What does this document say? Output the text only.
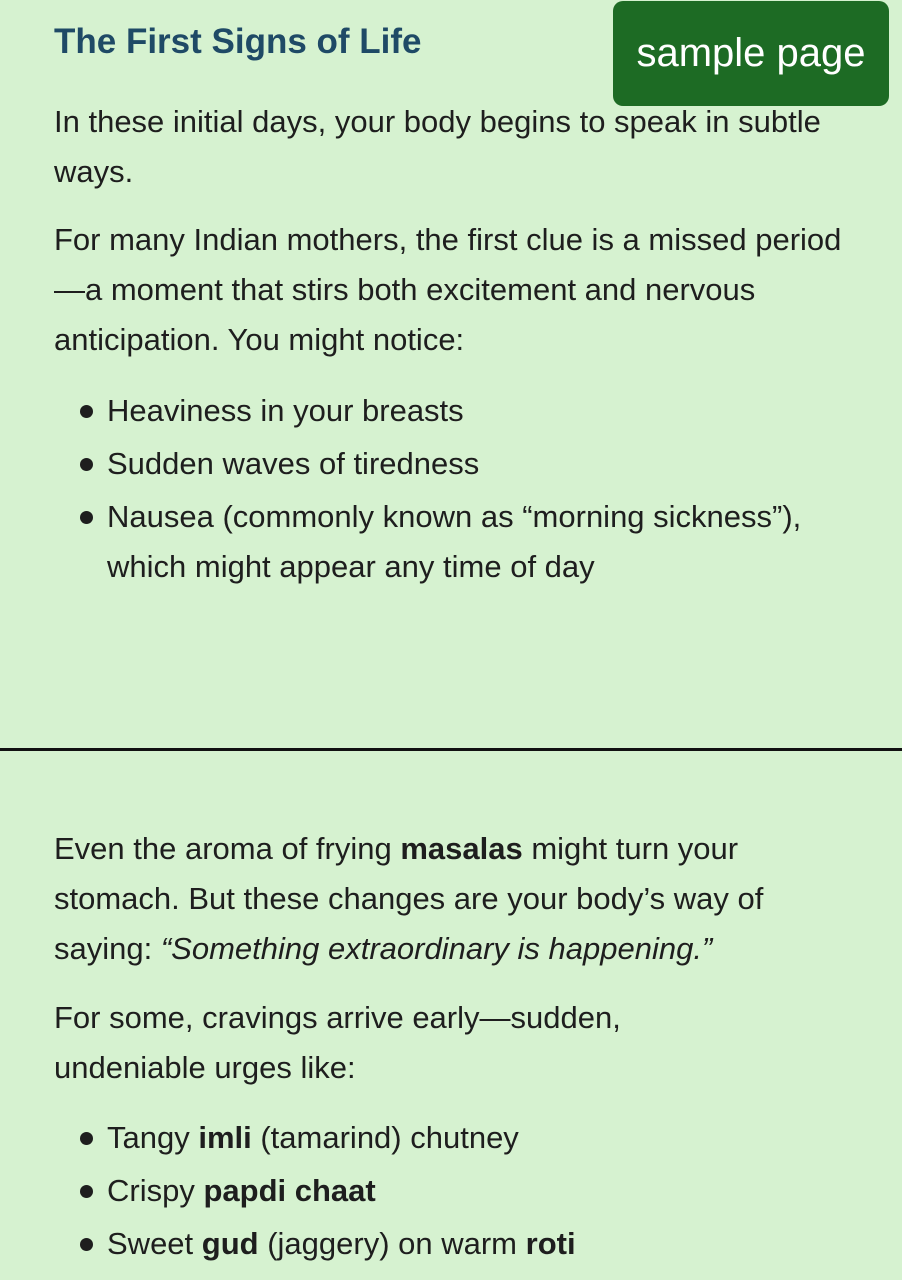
The First Signs of Life	sample page

In these initial days, your body begins to speak in subtle ways.

For many Indian mothers, the first clue is a missed period—a moment that stirs both excitement and nervous anticipation. You might notice:

Heaviness in your breasts
Sudden waves of tiredness
Nausea (commonly known as “morning sickness”), which might appear any time of day

Even the aroma of frying masalas might turn your stomach. But these changes are your body’s way of saying: “Something extraordinary is happening.”

For some, cravings arrive early—sudden, undeniable urges like:

Tangy imli (tamarind) chutney
Crispy papdi chaat
Sweet gud (jaggery) on warm roti
